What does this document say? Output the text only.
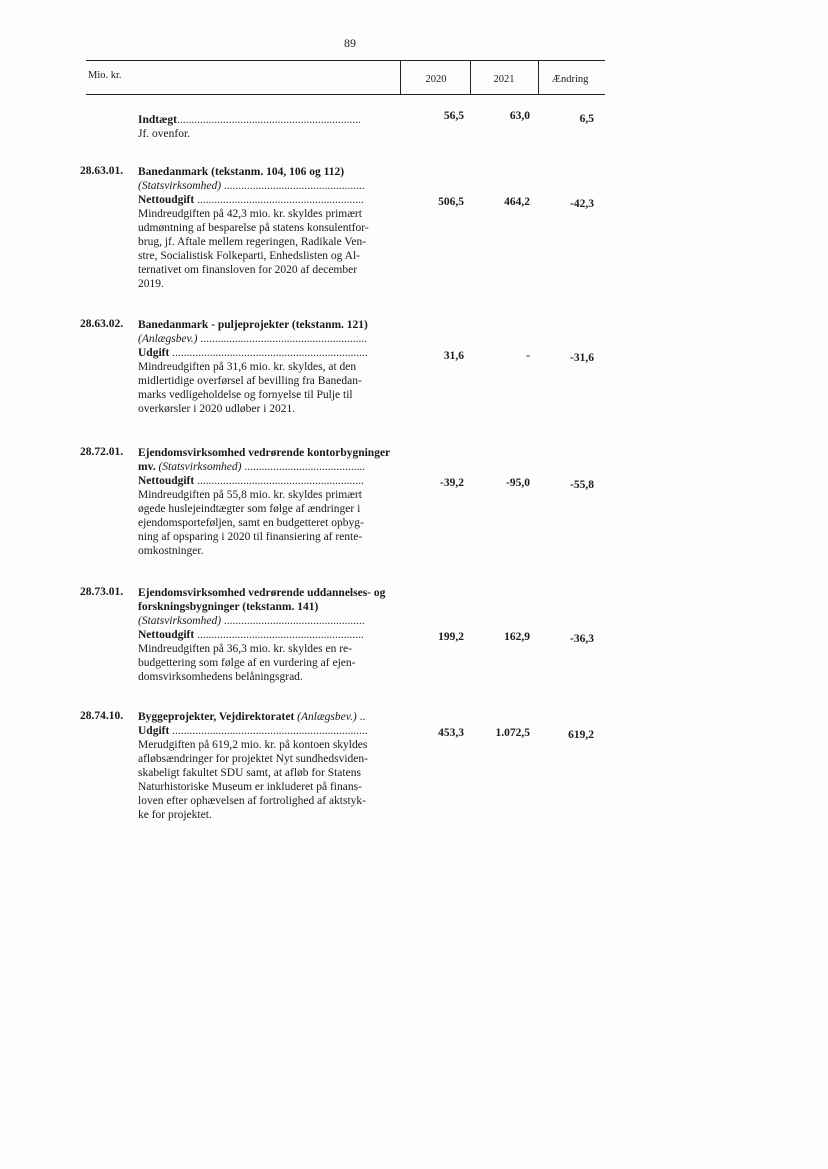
89
Mio. kr.	2020	2021	Ændring
Indtægt................................................................
Jf. ovenfor.
56,5	63,0	6,5
28.63.01. Banedanmark (tekstanm. 104, 106 og 112)
(Statsvirksomhed) .................................................
Nettoudgift ..........................................................
Mindreudgiften på 42,3 mio. kr. skyldes primært
udmøntning af besparelse på statens konsulentfor-
brug, jf. Aftale mellem regeringen, Radikale Ven-
stre, Socialistisk Folkeparti, Enhedslisten og Al-
ternativet om finansloven for 2020 af december
2019.
506,5	464,2	-42,3
28.63.02. Banedanmark - puljeprojekter (tekstanm. 121)
(Anlægsbev.) ..........................................................
Udgift ....................................................................
Mindreudgiften på 31,6 mio. kr. skyldes, at den
midlertidige overførsel af bevilling fra Banedan-
marks vedligeholdelse og fornyelse til Pulje til
overkørsler i 2020 udløber i 2021.
31,6	-	-31,6
28.72.01. Ejendomsvirksomhed vedrørende kontorbygninger
mv. (Statsvirksomhed) ..........................................
Nettoudgift ..........................................................
Mindreudgiften på 55,8 mio. kr. skyldes primært
øgede huslejeindtægter som følge af ændringer i
ejendomsporteføljen, samt en budgetteret opbyg-
ning af opsparing i 2020 til finansiering af rente-
omkostninger.
-39,2	-95,0	-55,8
28.73.01. Ejendomsvirksomhed vedrørende uddannelses- og
forskningsbygninger (tekstanm. 141)
(Statsvirksomhed) .................................................
Nettoudgift ..........................................................
Mindreudgiften på 36,3 mio. kr. skyldes en re-
budgettering som følge af en vurdering af ejen-
domsvirksomhedens belåningsgrad.
199,2	162,9	-36,3
28.74.10. Byggeprojekter, Vejdirektoratet (Anlægsbev.) ..
Udgift ....................................................................
Merudgiften på 619,2 mio. kr. på kontoen skyldes
afløbsændringer for projektet Nyt sundhedsviden-
skabeligt fakultet SDU samt, at afløb for Statens
Naturhistoriske Museum er inkluderet på finans-
loven efter ophævelsen af fortrolighed af aktstyk-
ke for projektet.
453,3	1.072,5	619,2
